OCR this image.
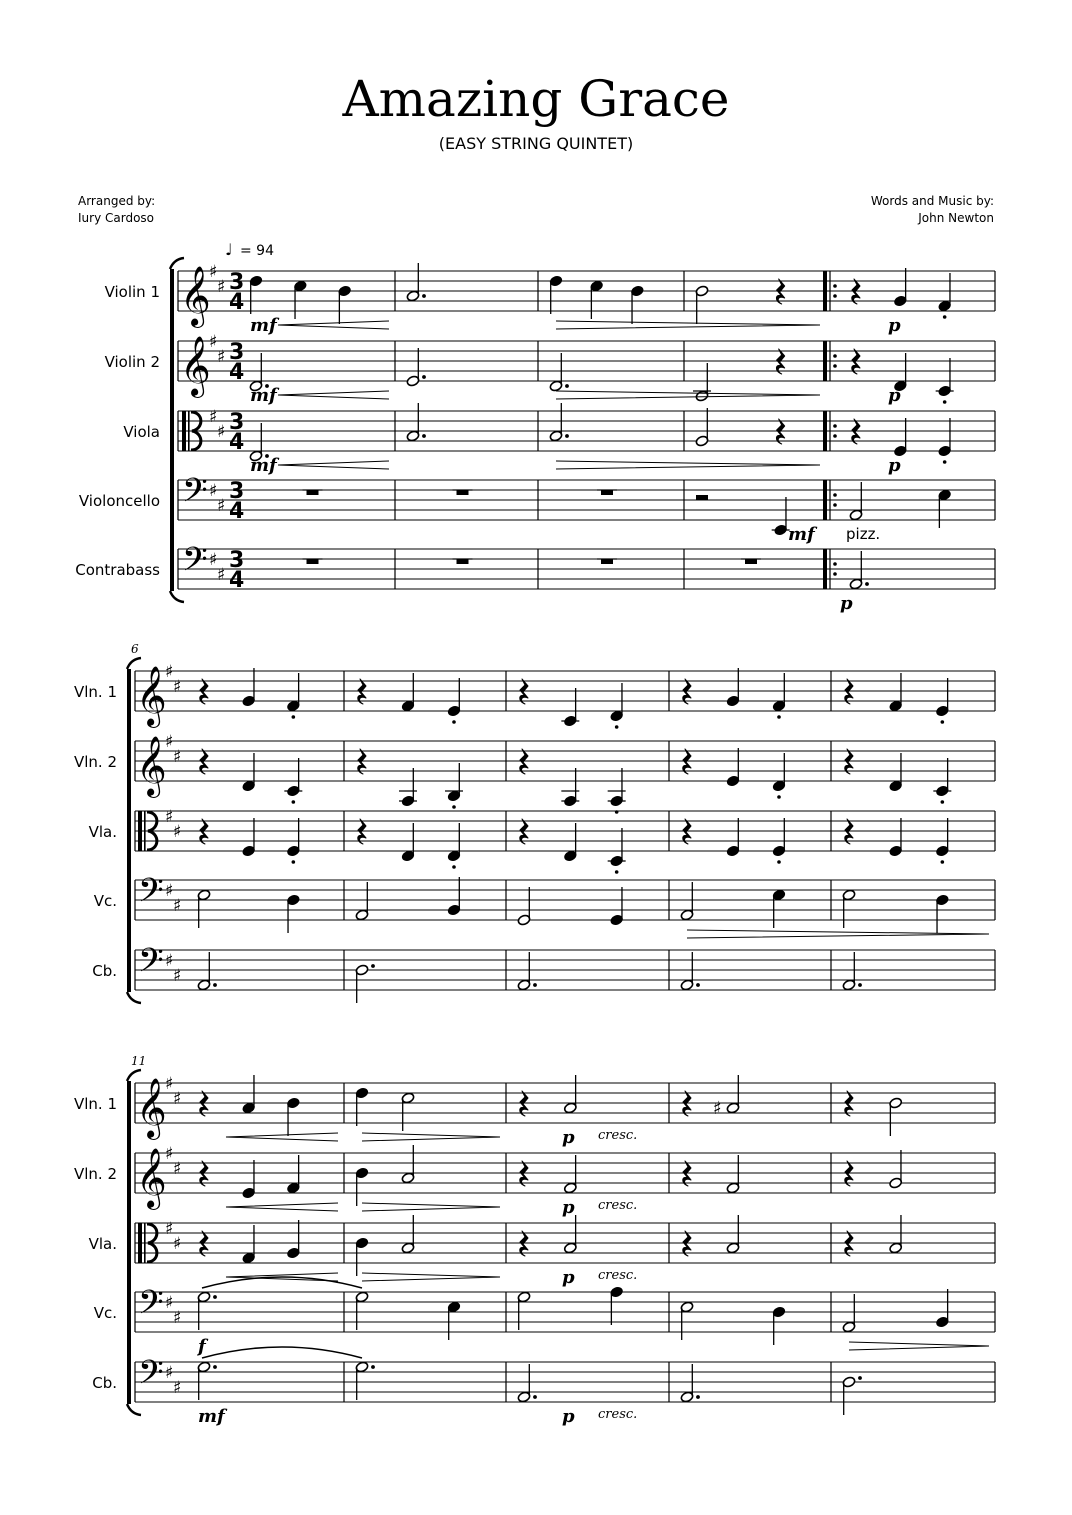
Amazing Grace
(EASY STRING QUINTET)
Arranged by:
Iury Cardoso
Words and Music by:
John Newton
♩ = 94
Violin 1 𝄞
♯
♯ 3
4
Violin 2 𝄞
♯
♯ 3
4
Viola
♯
♯ 3
4
Violoncello 𝄢 ♯
♯
3
4
Contrabass 𝄢 ♯
♯
3
4
mf
mf
mf
mf
p
p
p
p
pizz.
6
Vln. 1 𝄞
♯
♯
Vln. 2 𝄞
♯
♯
Vla.
♯
♯
Vc. 𝄢 ♯
♯
Cb. 𝄢 ♯
♯
11
Vln. 1 𝄞
♯
♯
Vln. 2 𝄞
♯
♯
Vla.
♯
♯
Vc. 𝄢 ♯
♯
Cb. 𝄢 ♯
♯
♯
f
mf
p
p
p
p
cresc.
cresc.
cresc.
cresc.
